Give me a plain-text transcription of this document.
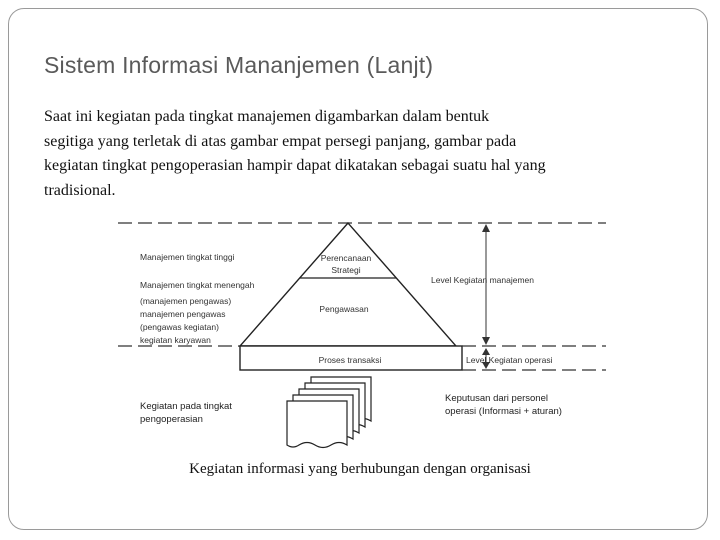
Sistem Informasi Mananjemen (Lanjt)
Saat ini kegiatan pada tingkat manajemen digambarkan dalam bentuk
segitiga yang terletak di atas gambar empat persegi panjang, gambar pada
kegiatan tingkat pengoperasian hampir dapat dikatakan sebagai suatu hal yang
tradisional.
Manajemen tingkat tinggi
Manajemen tingkat menengah
(manajemen pengawas)
manajemen pengawas
(pengawas kegiatan)
kegiatan karyawan
Kegiatan pada tingkat
pengoperasian
Perencanaan
Strategi
Pengawasan
Proses transaksi
Level Kegiatan manajemen
Level Kegiatan operasi
Keputusan dari personel
operasi (Informasi + aturan)
Kegiatan informasi yang berhubungan dengan organisasi
